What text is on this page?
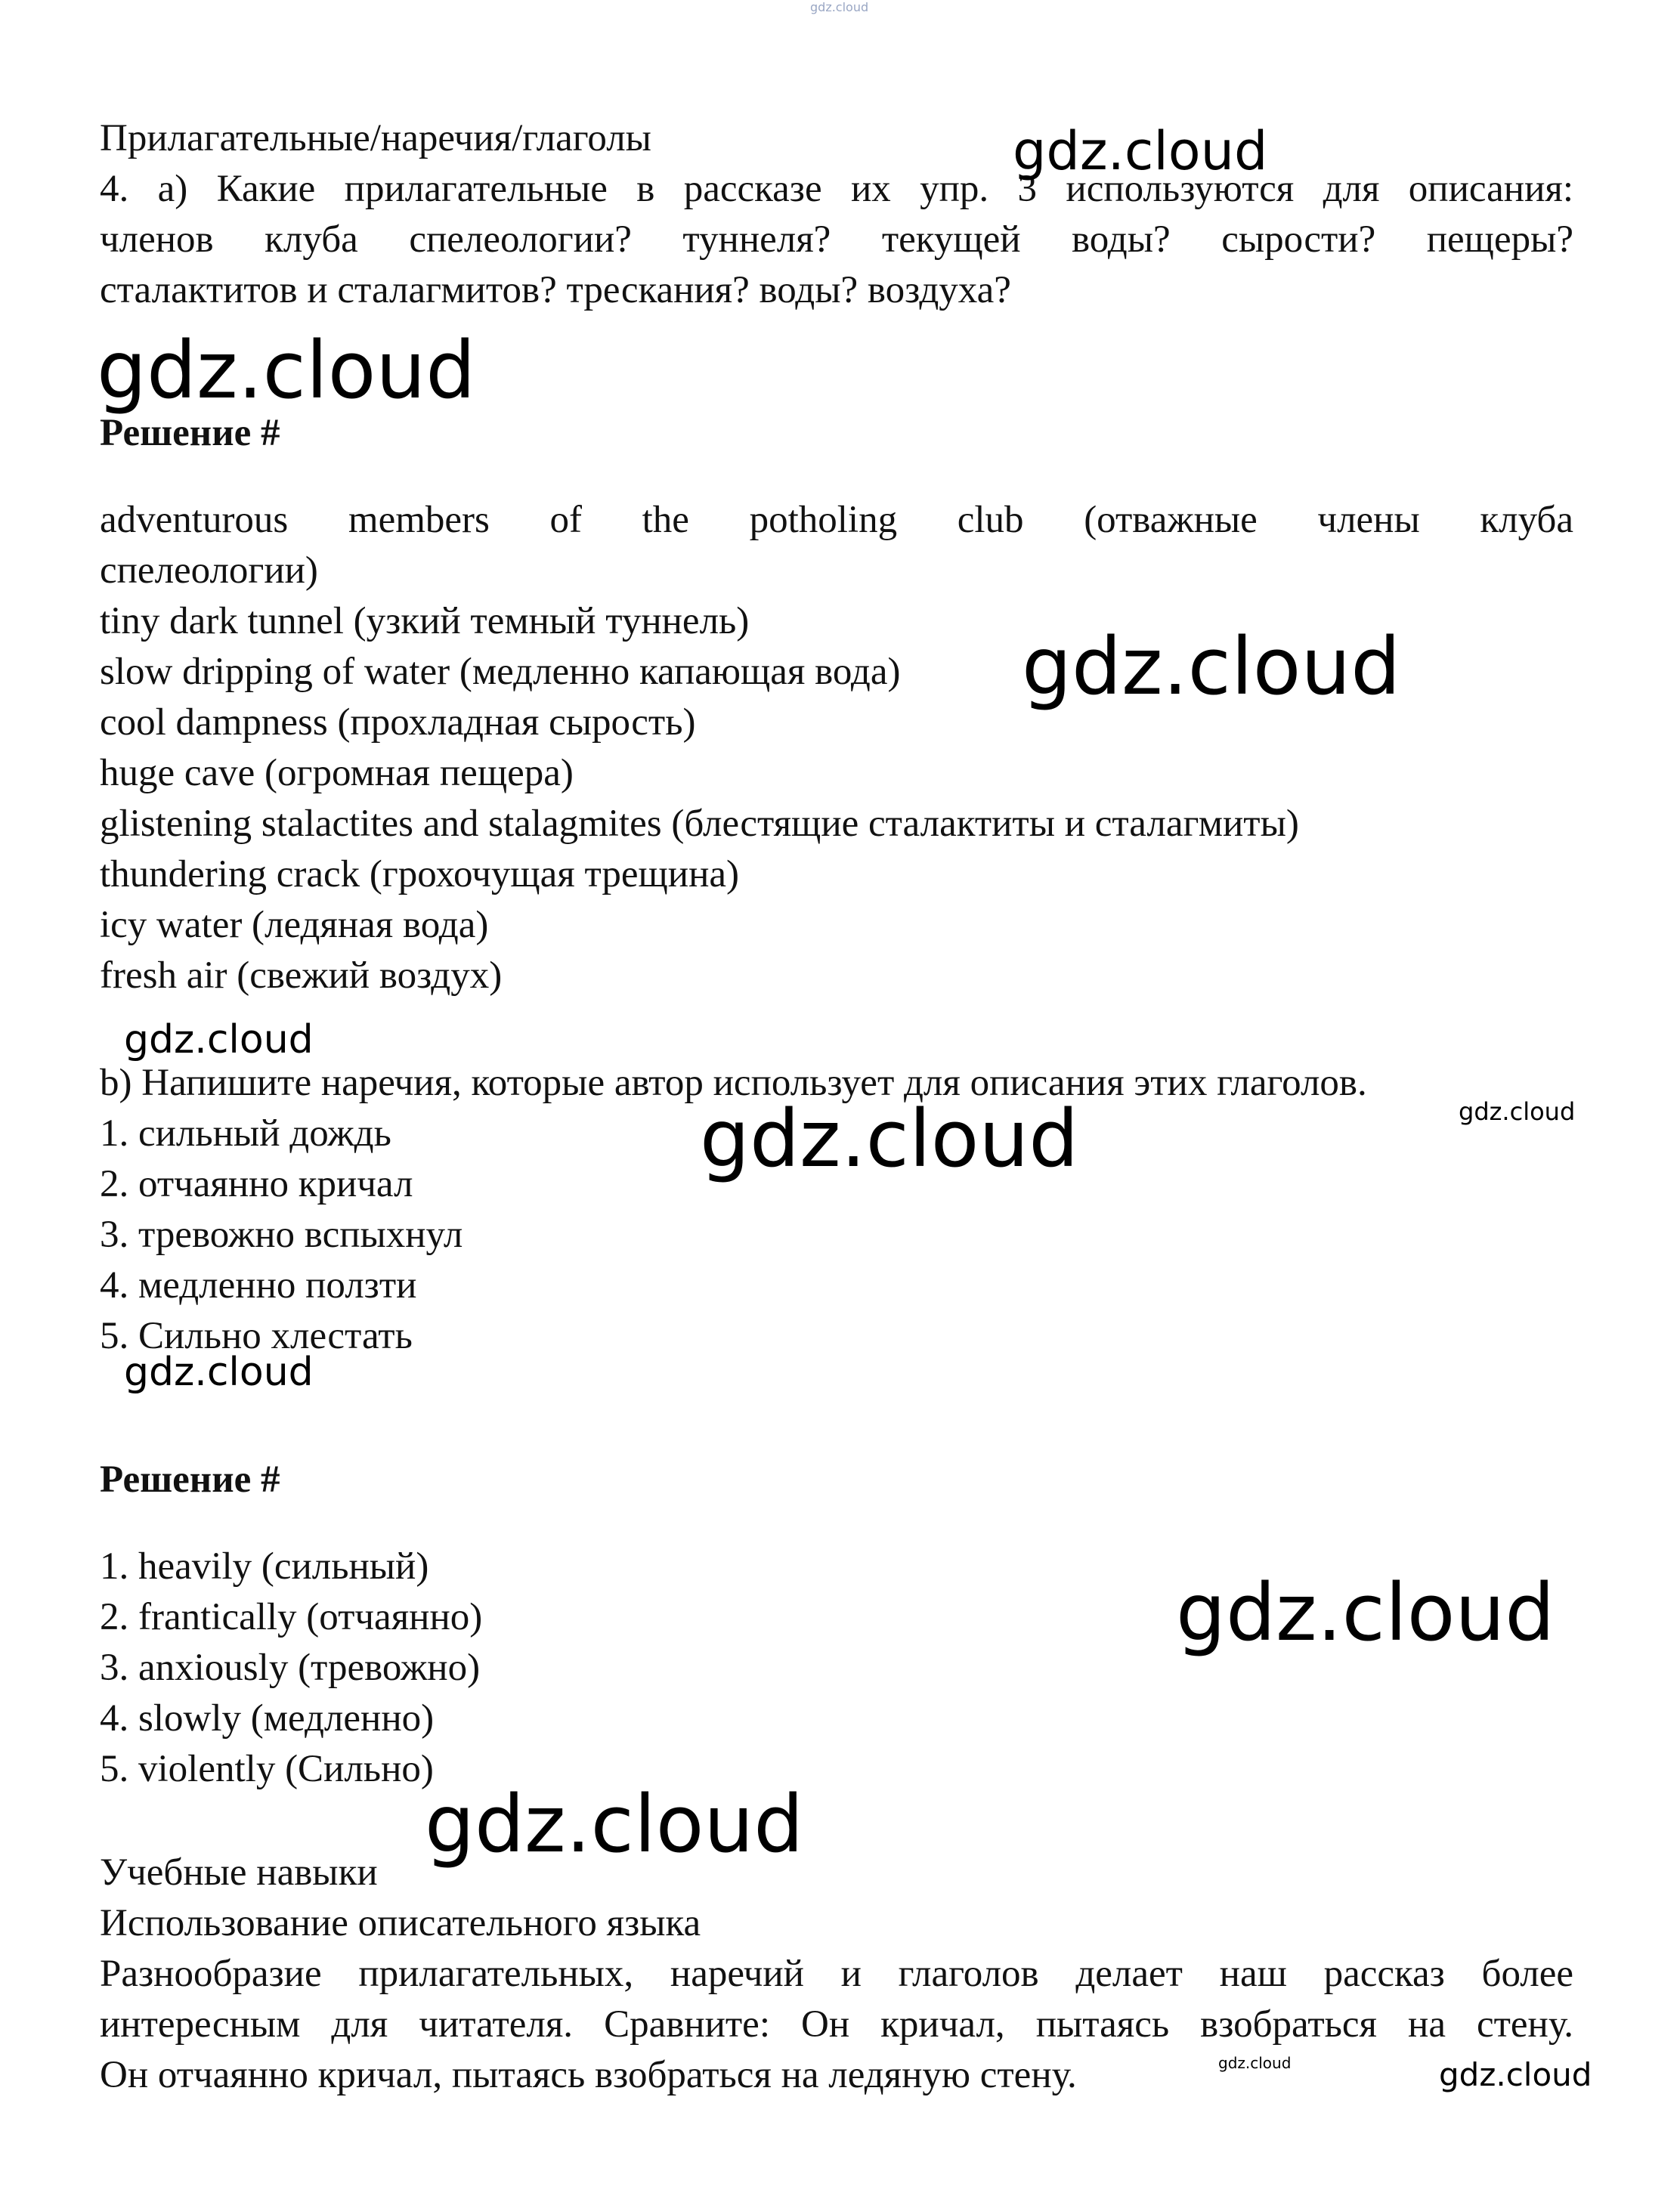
Прилагательные/наречия/глаголы
4. а) Какие прилагательные в рассказе их упр. 3 используются для описания:
членов клуба спелеологии? туннеля? текущей воды? сырости? пещеры?
сталактитов и сталагмитов? трескания? воды? воздуха?
Решение #
adventurous members of the potholing club (отважные члены клуба
спелеологии)
tiny dark tunnel (узкий темный туннель)
slow dripping of water (медленно капающая вода)
cool dampness (прохладная сырость)
huge cave (огромная пещера)
glistening stalactites and stalagmites (блестящие сталактиты и сталагмиты)
thundering crack (грохочущая трещина)
icy water (ледяная вода)
fresh air (свежий воздух)
b) Напишите наречия, которые автор использует для описания этих глаголов.
1. сильный дождь
2. отчаянно кричал
3. тревожно вспыхнул
4. медленно ползти
5. Сильно хлестать
Решение #
1. heavily (сильный)
2. frantically (отчаянно)
3. anxiously (тревожно)
4. slowly (медленно)
5. violently (Сильно)
Учебные навыки
Использование описательного языка
Разнообразие прилагательных, наречий и глаголов делает наш рассказ более
интересным для читателя. Сравните: Он кричал, пытаясь взобраться на стену.
Он отчаянно кричал, пытаясь взобраться на ледяную стену.
gdz.cloud
gdz.cloud
gdz.cloud
gdz.cloud
gdz.cloud
gdz.cloud
gdz.cloud
gdz.cloud
gdz.cloud
gdz.cloud
gdz.cloud	gdz.cloud
